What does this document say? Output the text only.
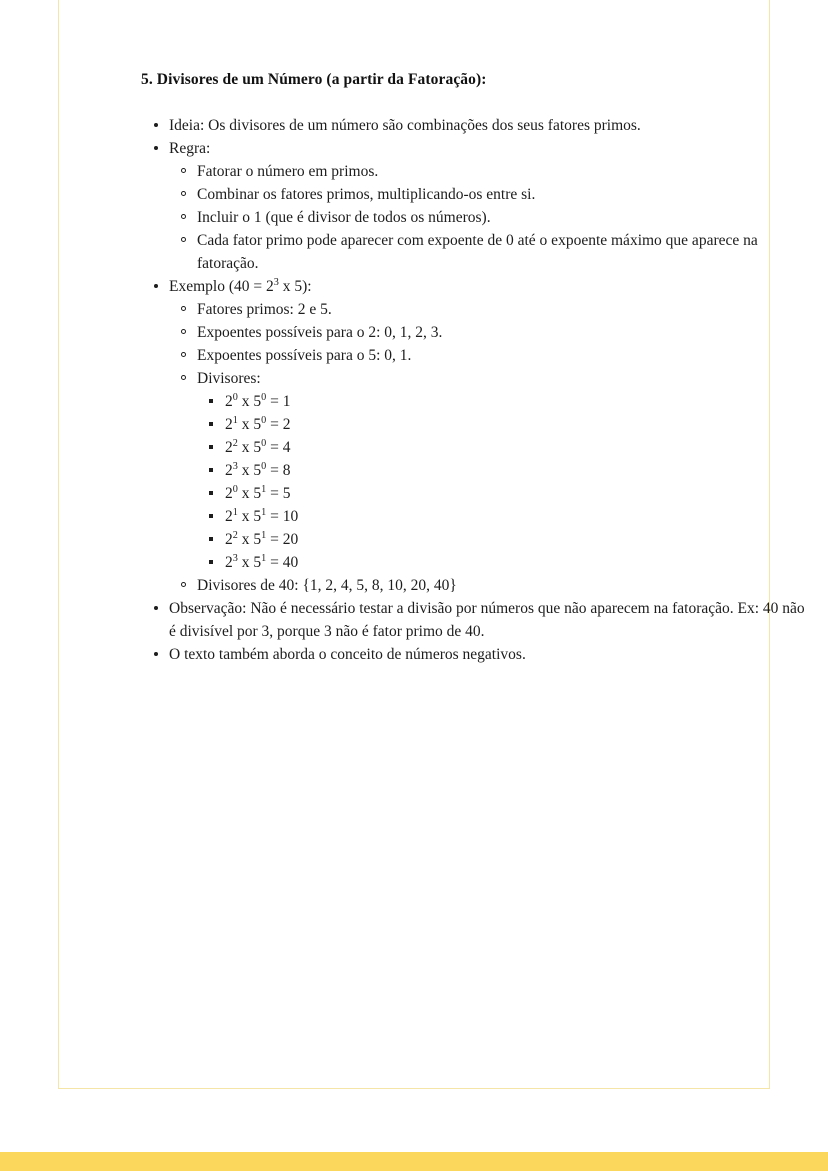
5. Divisores de um Número (a partir da Fatoração):
Ideia: Os divisores de um número são combinações dos seus fatores primos.
Regra:
Fatorar o número em primos.
Combinar os fatores primos, multiplicando-os entre si.
Incluir o 1 (que é divisor de todos os números).
Cada fator primo pode aparecer com expoente de 0 até o expoente máximo que aparece na fatoração.
Exemplo ($40 = 2^3$ x 5):
Fatores primos: 2 e 5.
Expoentes possíveis para o 2: 0, 1, 2, 3.
Expoentes possíveis para o 5: 0, 1.
Divisores:
$2^0$ x $5^0 = 1$
$2^1$ x $5^0 = 2$
$2^2$ x $5^0 = 4$
$2^3$ x $5^0 = 8$
$2^0$ x $5^1 = 5$
$2^1$ x $5^1 = 10$
$2^2$ x $5^1 = 20$
$2^3$ x $5^1 = 40$
Divisores de 40: {1, 2, 4, 5, 8, 10, 20, 40}
Observação: Não é necessário testar a divisão por números que não aparecem na fatoração. Ex: 40 não é divisível por 3, porque 3 não é fator primo de 40.
O texto também aborda o conceito de números negativos.
